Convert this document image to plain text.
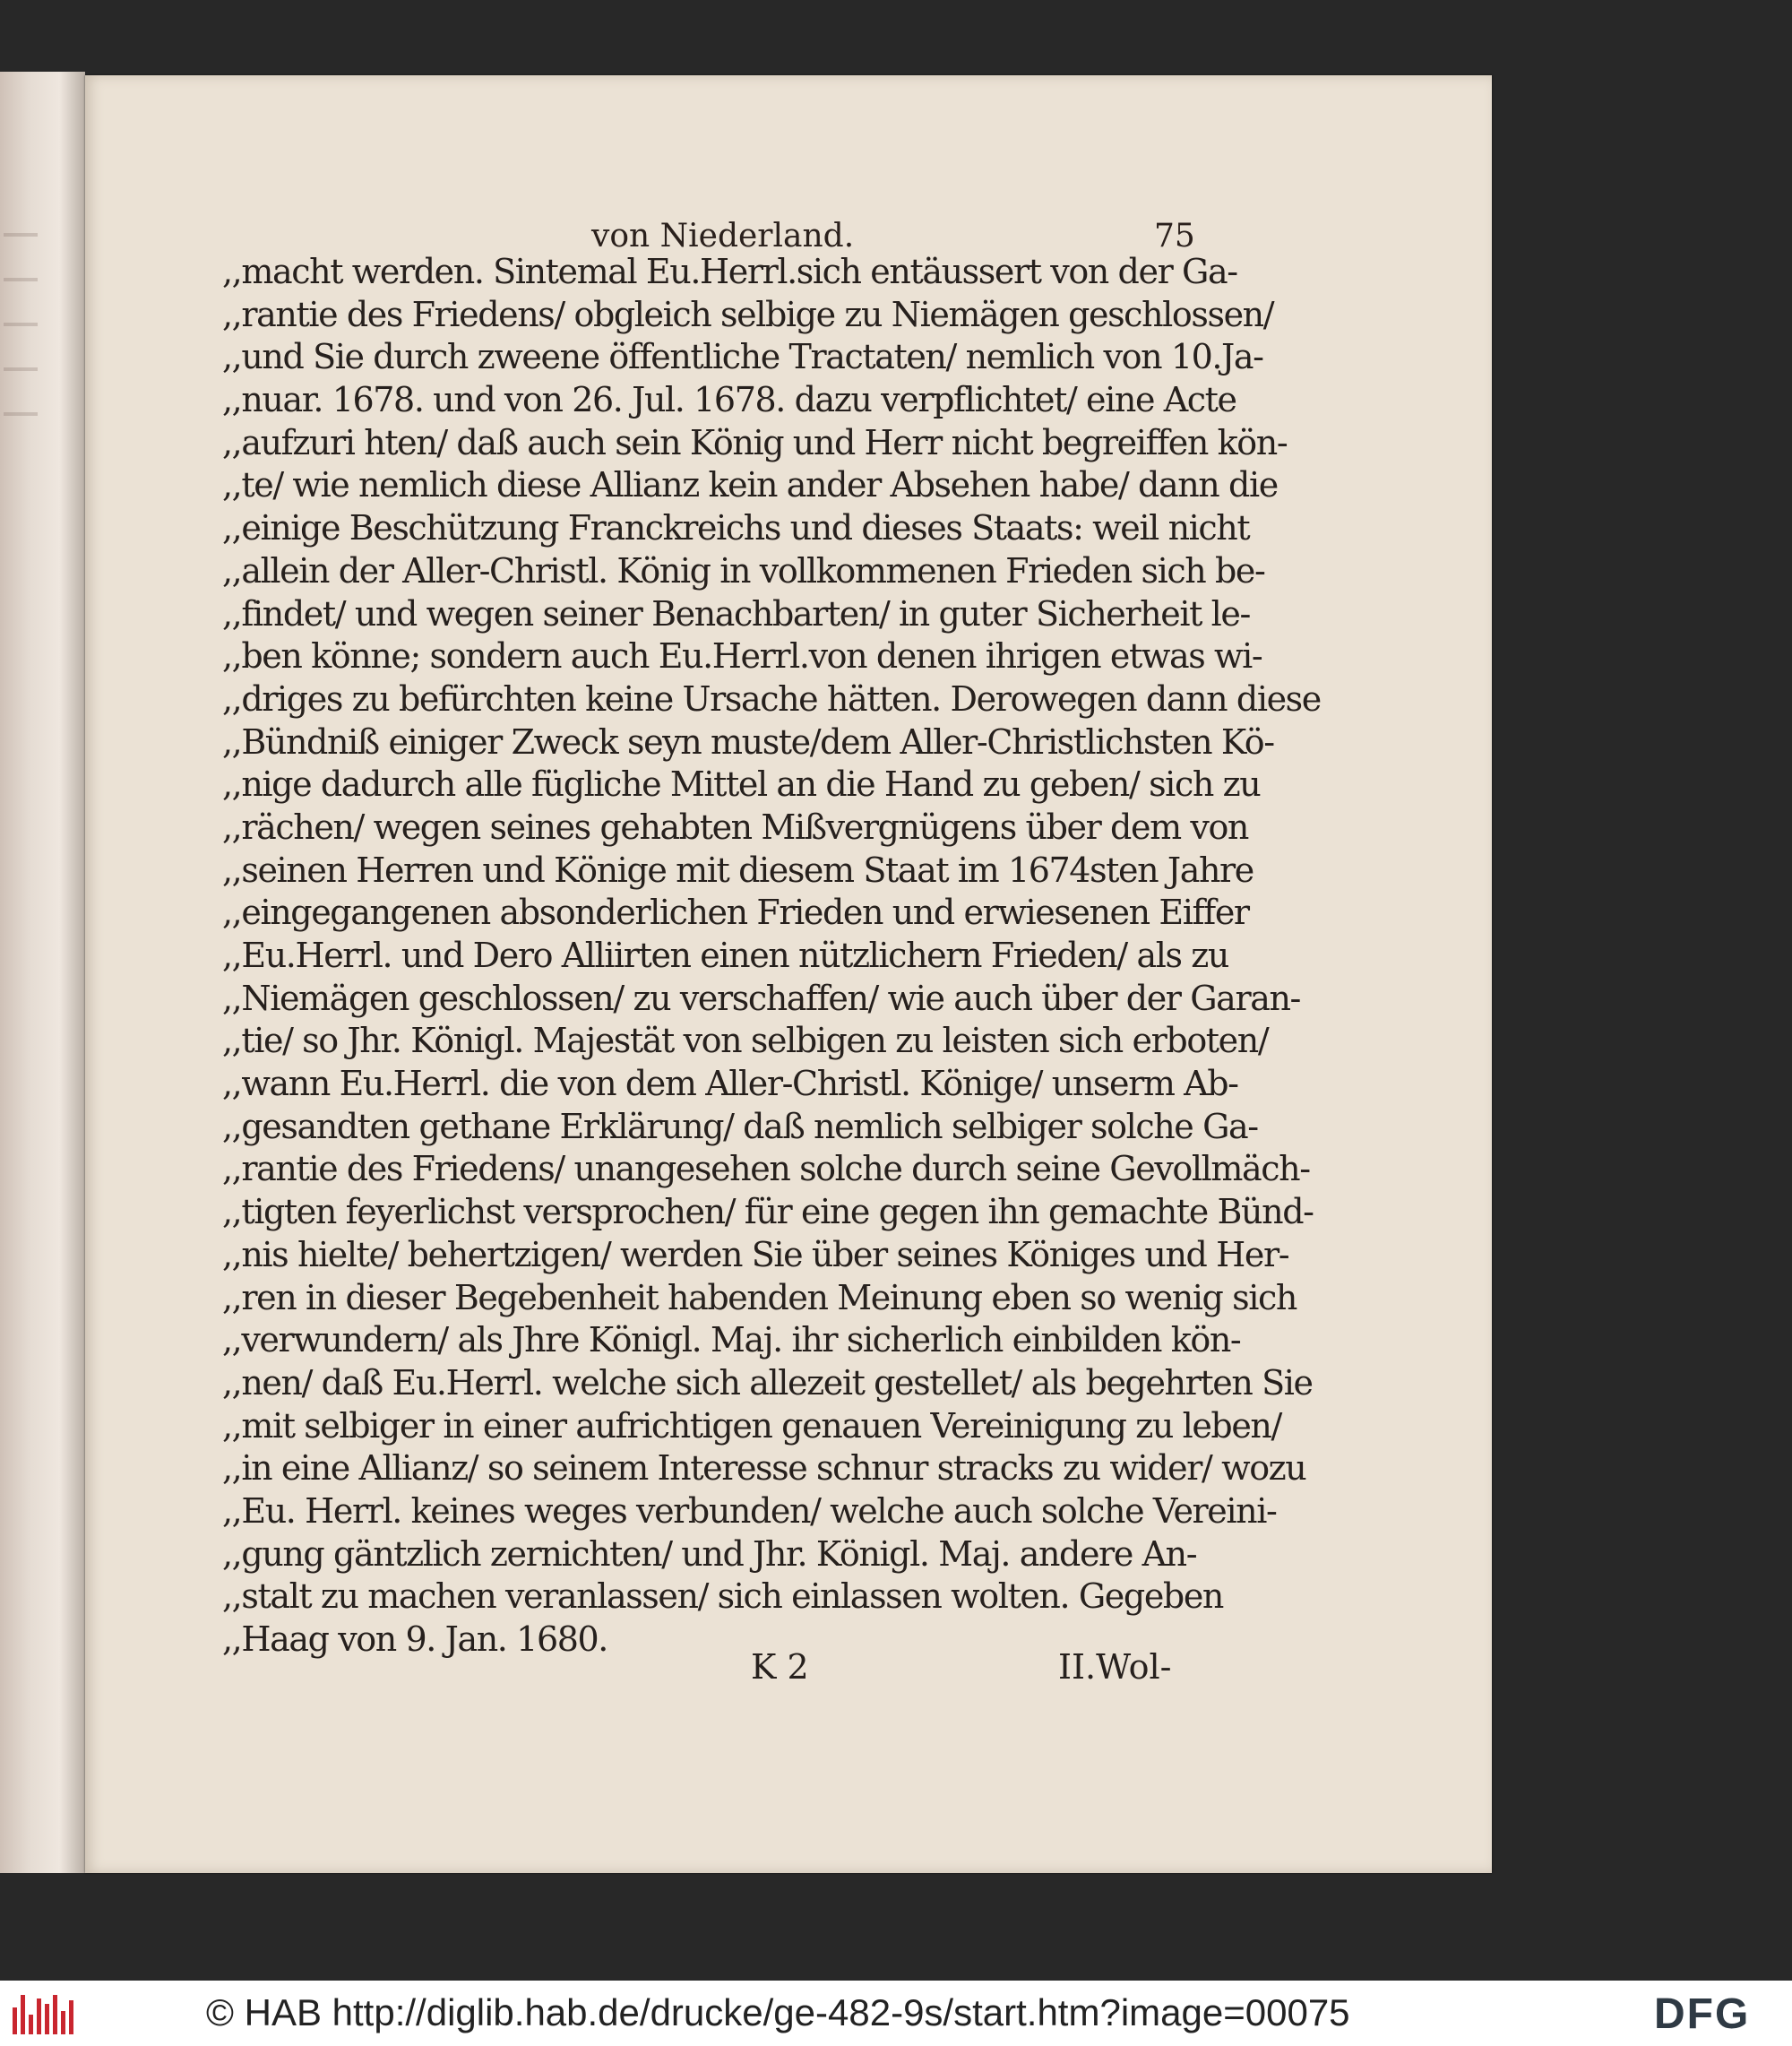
von Niederland.	75
,,macht werden. Sintemal Eu.Herrl.sich entäussert von der Ga-
,,rantie des Friedens/ obgleich selbige zu Niemägen geschlossen/
,,und Sie durch zweene öffentliche Tractaten/ nemlich von 10.Ja-
,,nuar. 1678. und von 26. Jul. 1678. dazu verpflichtet/ eine Acte
,,aufzuri hten/ daß auch sein König und Herr nicht begreiffen kön-
,,te/ wie nemlich diese Allianz kein ander Absehen habe/ dann die
,,einige Beschützung Franckreichs und dieses Staats: weil nicht
,,allein der Aller-Christl. König in vollkommenen Frieden sich be-
,,findet/ und wegen seiner Benachbarten/ in guter Sicherheit le-
,,ben könne; sondern auch Eu.Herrl.von denen ihrigen etwas wi-
,,driges zu befürchten keine Ursache hätten. Derowegen dann diese
,,Bündniß einiger Zweck seyn muste/dem Aller-Christlichsten Kö-
,,nige dadurch alle fügliche Mittel an die Hand zu geben/ sich zu
,,rächen/ wegen seines gehabten Mißvergnügens über dem von
,,seinen Herren und Könige mit diesem Staat im 1674sten Jahre
,,eingegangenen absonderlichen Frieden und erwiesenen Eiffer
,,Eu.Herrl. und Dero Alliirten einen nützlichern Frieden/ als zu
,,Niemägen geschlossen/ zu verschaffen/ wie auch über der Garan-
,,tie/ so Jhr. Königl. Majestät von selbigen zu leisten sich erboten/
,,wann Eu.Herrl. die von dem Aller-Christl. Könige/ unserm Ab-
,,gesandten gethane Erklärung/ daß nemlich selbiger solche Ga-
,,rantie des Friedens/ unangesehen solche durch seine Gevollmäch-
,,tigten feyerlichst versprochen/ für eine gegen ihn gemachte Bünd-
,,nis hielte/ behertzigen/ werden Sie über seines Königes und Her-
,,ren in dieser Begebenheit habenden Meinung eben so wenig sich
,,verwundern/ als Jhre Königl. Maj. ihr sicherlich einbilden kön-
,,nen/ daß Eu.Herrl. welche sich allezeit gestellet/ als begehrten Sie
,,mit selbiger in einer aufrichtigen genauen Vereinigung zu leben/
,,in eine Allianz/ so seinem Interesse schnur stracks zu wider/ wozu
,,Eu. Herrl. keines weges verbunden/ welche auch solche Vereini-
,,gung gäntzlich zernichten/ und Jhr. Königl. Maj. andere An-
,,stalt zu machen veranlassen/ sich einlassen wolten. Gegeben
,,Haag von 9. Jan. 1680.
K 2	II.Wol-
© HAB http://diglib.hab.de/drucke/ge-482-9s/start.htm?image=00075	DFG
